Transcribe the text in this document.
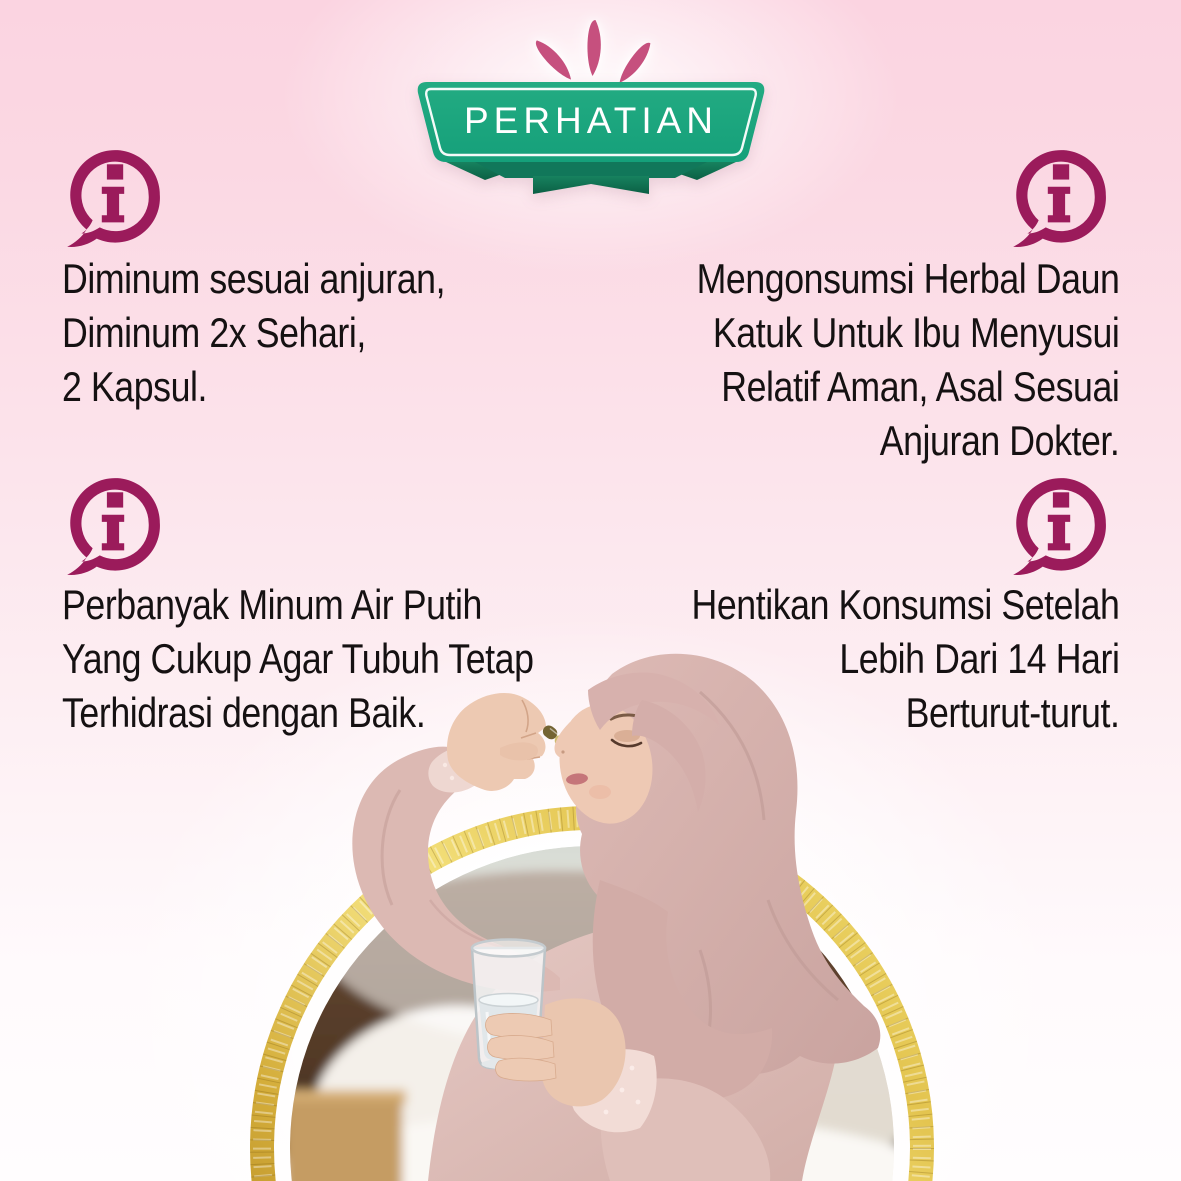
PERHATIAN
Diminum sesuai anjuran,
Diminum 2x Sehari,
2 Kapsul.
Mengonsumsi Herbal Daun
Katuk Untuk Ibu Menyusui
Relatif Aman, Asal Sesuai
Anjuran Dokter.
Perbanyak Minum Air Putih
Yang Cukup Agar Tubuh Tetap
Terhidrasi dengan Baik.
Hentikan Konsumsi Setelah
Lebih Dari 14 Hari
Berturut-turut.
